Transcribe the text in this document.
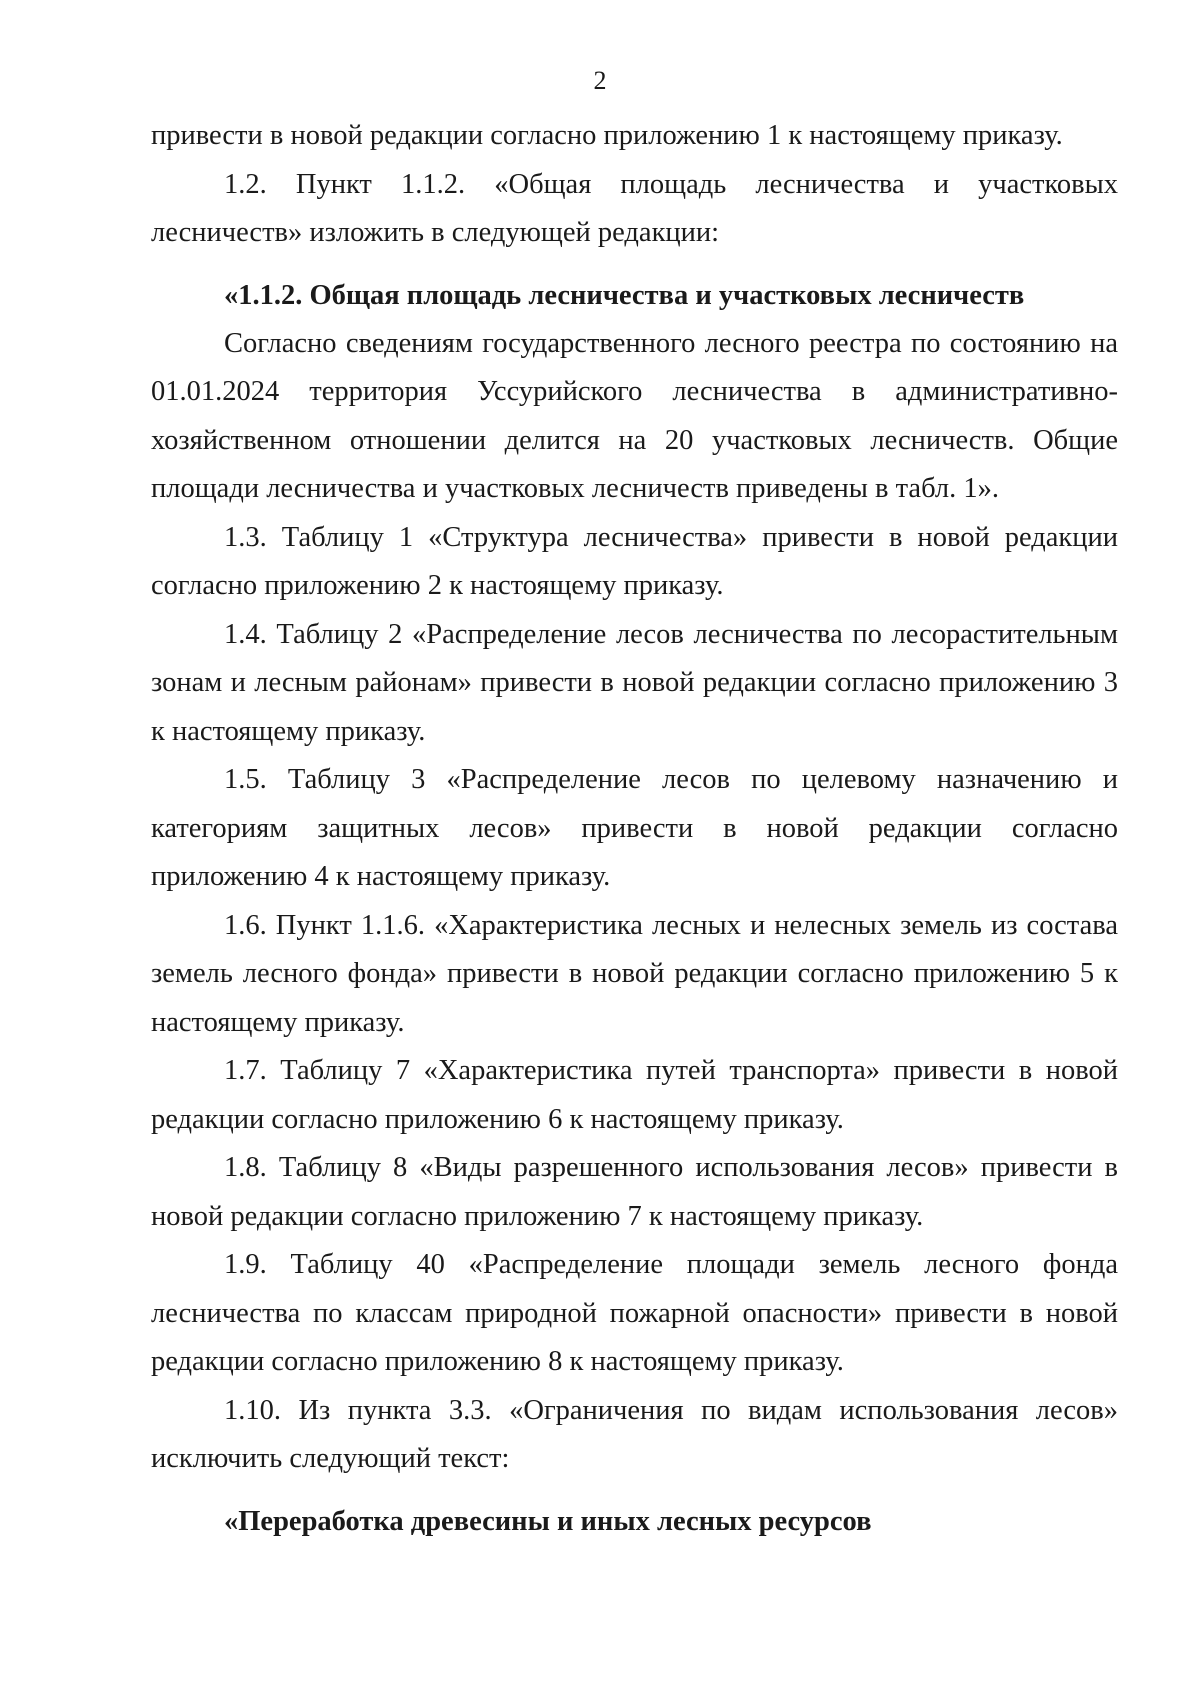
2

привести в новой редакции согласно приложению 1 к настоящему приказу.

1.2. Пункт 1.1.2. «Общая площадь лесничества и участковых лесничеств» изложить в следующей редакции:

«1.1.2. Общая площадь лесничества и участковых лесничеств

Согласно сведениям государственного лесного реестра по состоянию на 01.01.2024 территория Уссурийского лесничества в административно-хозяйственном отношении делится на 20 участковых лесничеств. Общие площади лесничества и участковых лесничеств приведены в табл. 1».

1.3. Таблицу 1 «Структура лесничества» привести в новой редакции согласно приложению 2 к настоящему приказу.

1.4. Таблицу 2 «Распределение лесов лесничества по лесорастительным зонам и лесным районам» привести в новой редакции согласно приложению 3 к настоящему приказу.

1.5. Таблицу 3 «Распределение лесов по целевому назначению и категориям защитных лесов» привести в новой редакции согласно приложению 4 к настоящему приказу.

1.6. Пункт 1.1.6. «Характеристика лесных и нелесных земель из состава земель лесного фонда» привести в новой редакции согласно приложению 5 к настоящему приказу.

1.7. Таблицу 7 «Характеристика путей транспорта» привести в новой редакции согласно приложению 6 к настоящему приказу.

1.8. Таблицу 8 «Виды разрешенного использования лесов» привести в новой редакции согласно приложению 7 к настоящему приказу.

1.9. Таблицу 40 «Распределение площади земель лесного фонда лесничества по классам природной пожарной опасности» привести в новой редакции согласно приложению 8 к настоящему приказу.

1.10. Из пункта 3.3. «Ограничения по видам использования лесов» исключить следующий текст:

«Переработка древесины и иных лесных ресурсов
